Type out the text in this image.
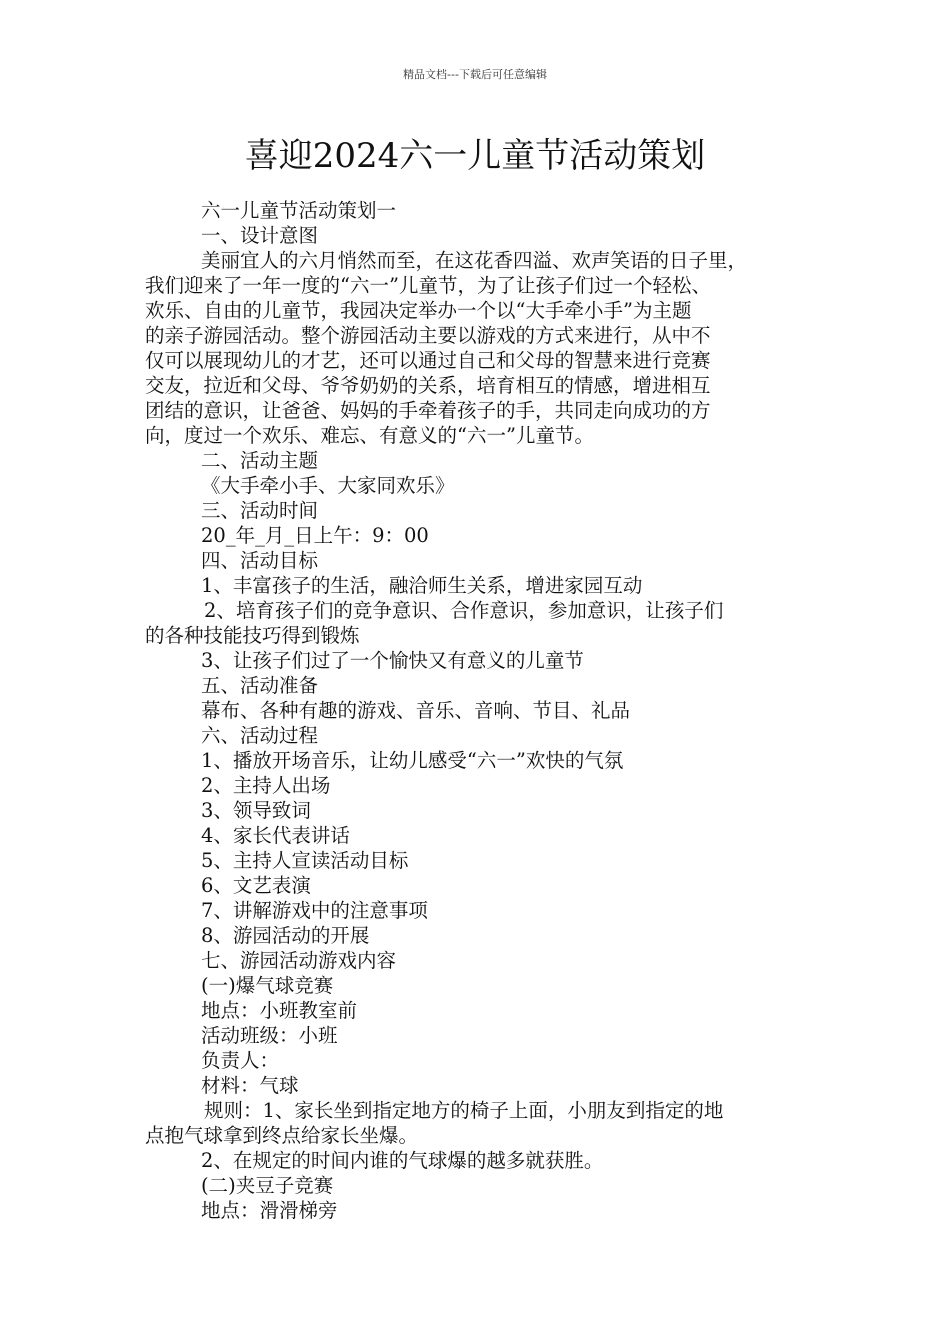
精品文档---下载后可任意编辑
喜迎2024六一儿童节活动策划
六一儿童节活动策划一
一、设计意图
美丽宜人的六月悄然而至，在这花香四溢、欢声笑语的日子里，
我们迎来了一年一度的“六一”儿童节，为了让孩子们过一个轻松、
欢乐、自由的儿童节，我园决定举办一个以“大手牵小手”为主题
的亲子游园活动。整个游园活动主要以游戏的方式来进行，从中不
仅可以展现幼儿的才艺，还可以通过自己和父母的智慧来进行竞赛
交友，拉近和父母、爷爷奶奶的关系，培育相互的情感，增进相互
团结的意识，让爸爸、妈妈的手牵着孩子的手，共同走向成功的方
向，度过一个欢乐、难忘、有意义的“六一”儿童节。
二、活动主题
《大手牵小手、大家同欢乐》
三、活动时间
20_年_月_日上午：9：00
四、活动目标
1、丰富孩子的生活，融洽师生关系，增进家园互动
2、培育孩子们的竞争意识、合作意识，参加意识，让孩子们
的各种技能技巧得到锻炼
3、让孩子们过了一个愉快又有意义的儿童节
五、活动准备
幕布、各种有趣的游戏、音乐、音响、节目、礼品
六、活动过程
1、播放开场音乐，让幼儿感受“六一”欢快的气氛
2、主持人出场
3、领导致词
4、家长代表讲话
5、主持人宣读活动目标
6、文艺表演
7、讲解游戏中的注意事项
8、游园活动的开展
七、游园活动游戏内容
(一)爆气球竞赛
地点：小班教室前
活动班级：小班
负责人：
材料：气球
规则：1、家长坐到指定地方的椅子上面，小朋友到指定的地
点抱气球拿到终点给家长坐爆。
2、在规定的时间内谁的气球爆的越多就获胜。
(二)夹豆子竞赛
地点：滑滑梯旁
